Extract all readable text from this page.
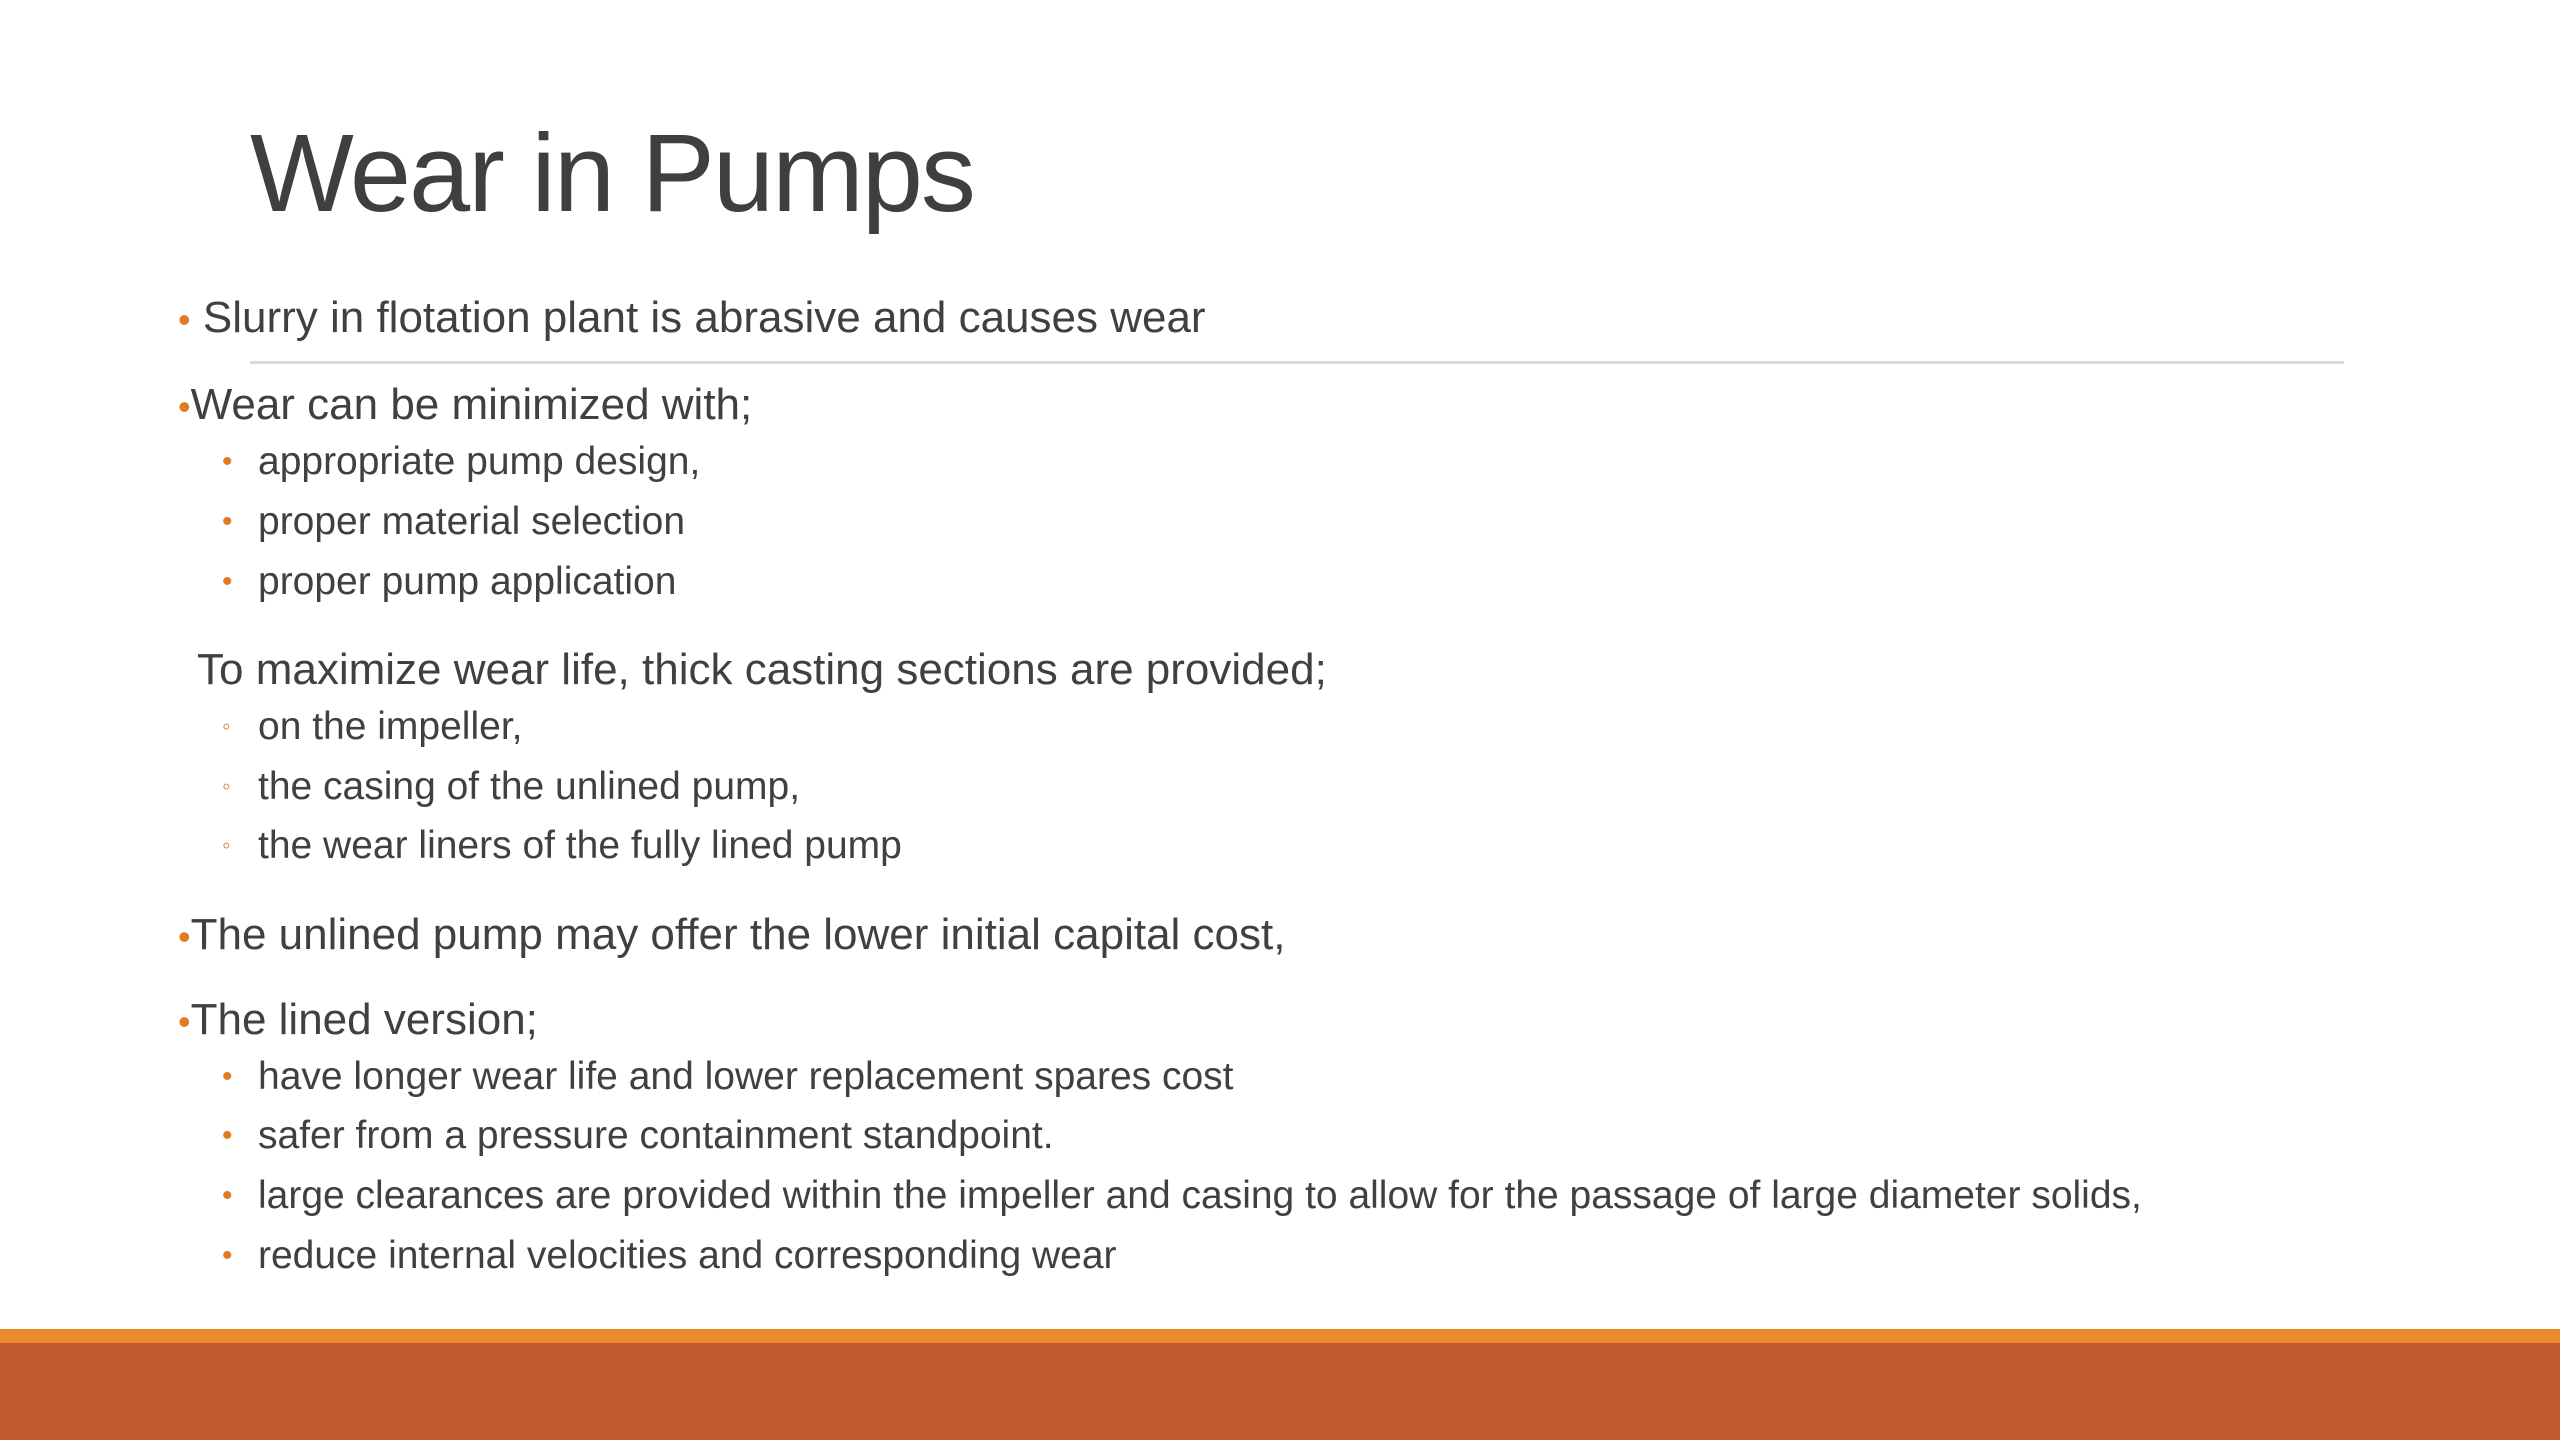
Wear in Pumps
• Slurry in flotation plant is abrasive and causes wear
•Wear can be minimized with;
• appropriate pump design,
• proper material selection
• proper pump application
To maximize wear life, thick casting sections are provided;
◦ on the impeller,
◦ the casing of the unlined pump,
◦ the wear liners of the fully lined pump
•The unlined pump may offer the lower initial capital cost,
•The lined version;
• have longer wear life and lower replacement spares cost
• safer from a pressure containment standpoint.
• large clearances are provided within the impeller and casing to allow for the passage of large diameter solids,
• reduce internal velocities and corresponding wear
